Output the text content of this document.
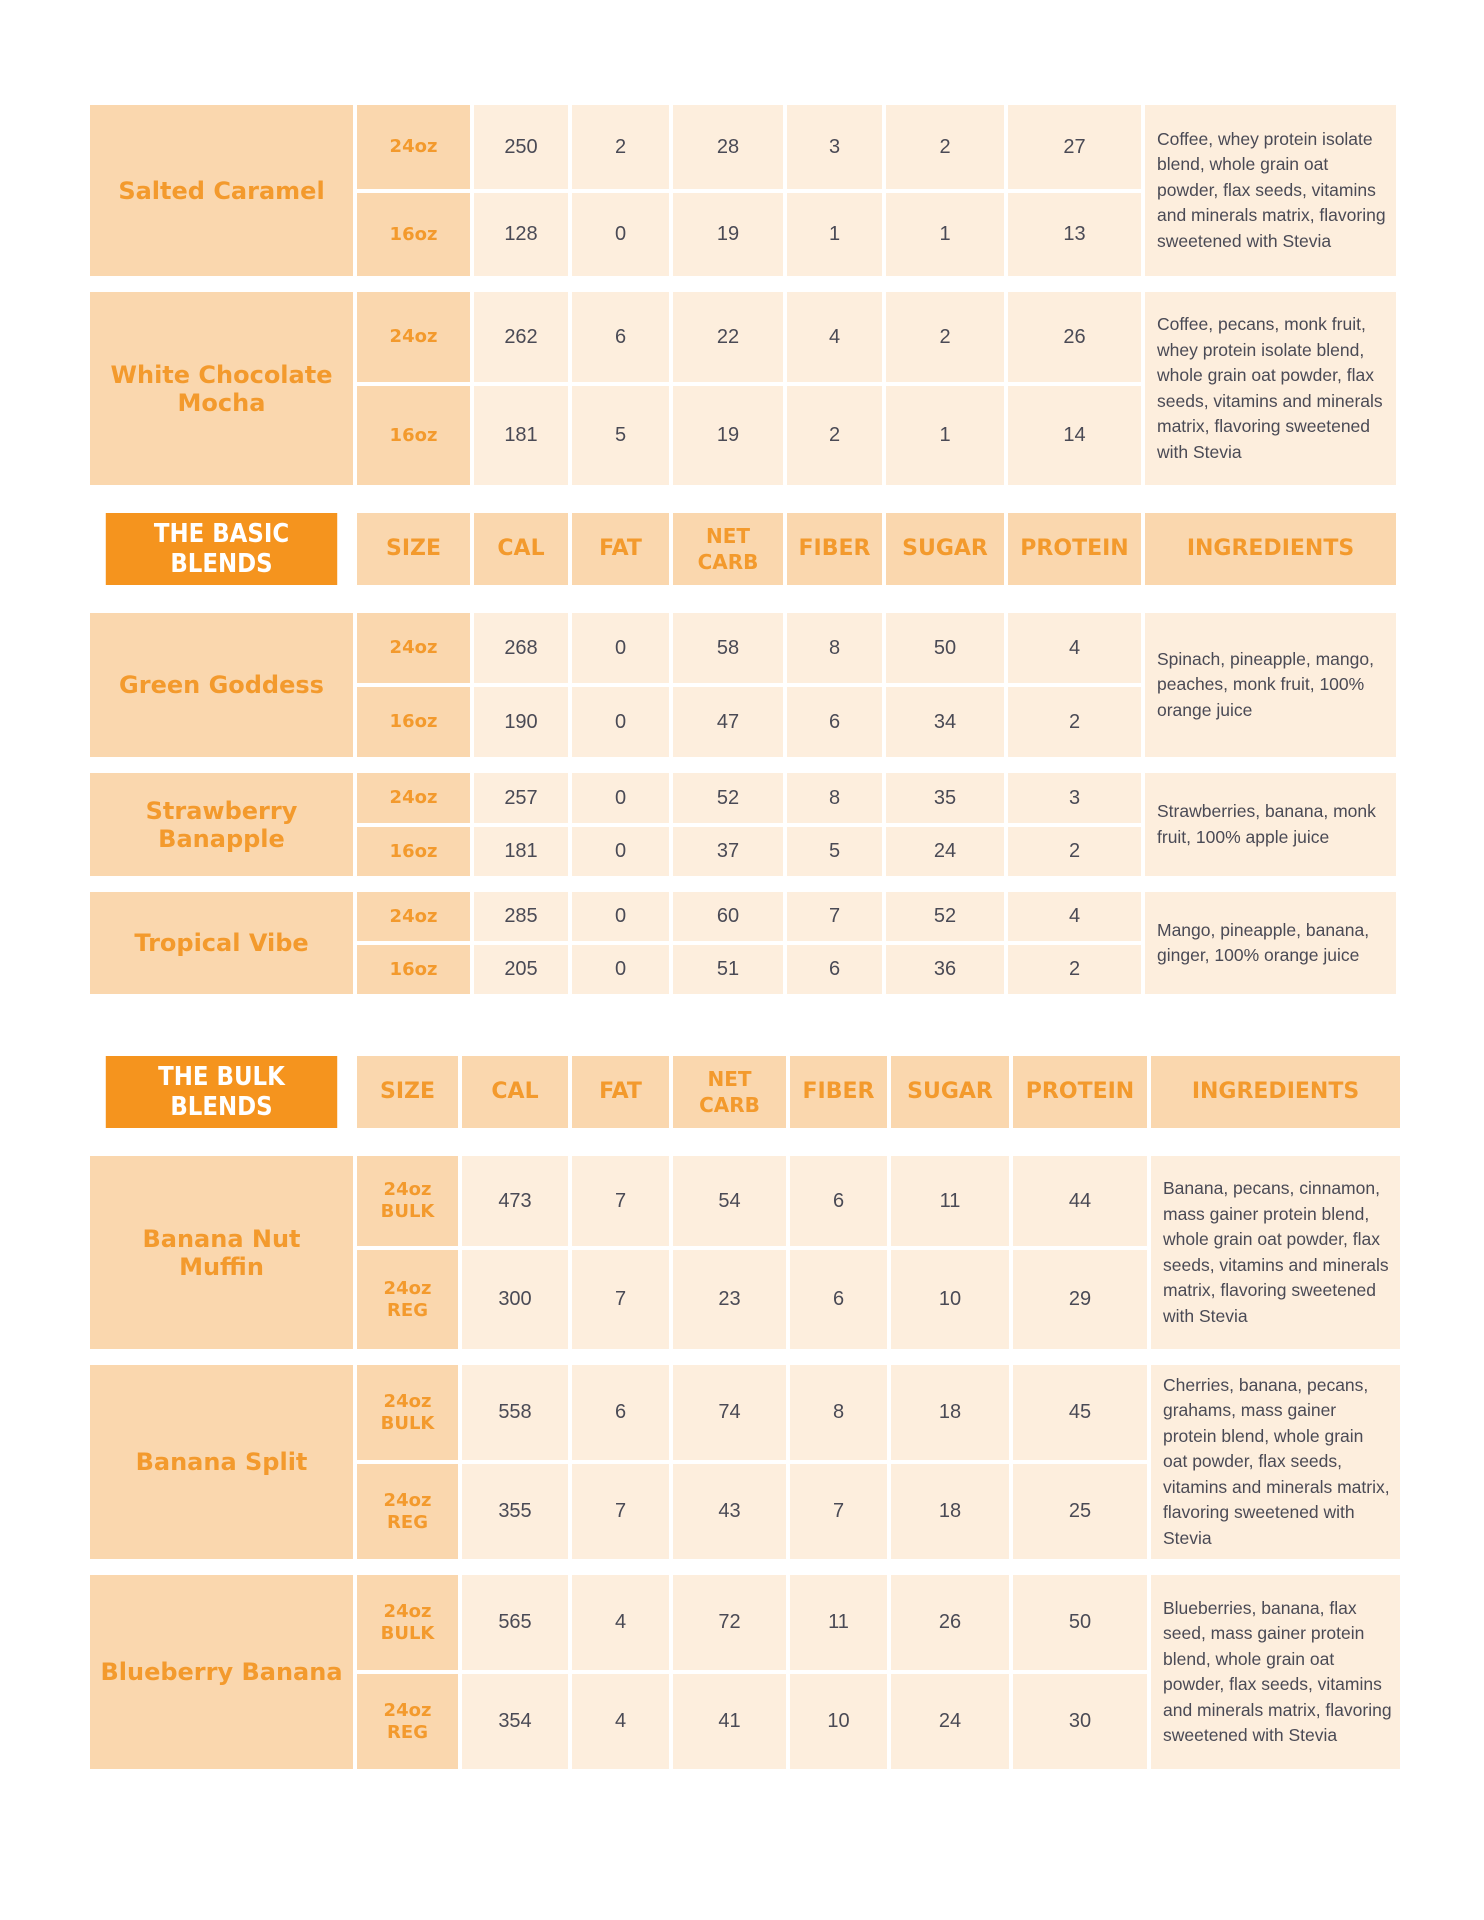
Salted Caramel	24oz	250	2	28	3	2	27	Coffee, whey protein isolate blend, whole grain oat powder, flax seeds, vitamins and minerals matrix, flavoring sweetened with Stevia
	16oz	128	0	19	1	1	13	

White Chocolate Mocha	24oz	262	6	22	4	2	26	Coffee, pecans, monk fruit, whey protein isolate blend, whole grain oat powder, flax seeds, vitamins and minerals matrix, flavoring sweetened with Stevia
	16oz	181	5	19	2	1	14	

THE BASIC BLENDS	SIZE	CAL	FAT	NET
CARB	FIBER	SUGAR	PROTEIN	INGREDIENTS

Green Goddess	24oz	268	0	58	8	50	4	Spinach, pineapple, mango, peaches, monk fruit, 100% orange juice
	16oz	190	0	47	6	34	2	

Strawberry Banapple	24oz	257	0	52	8	35	3	Strawberries, banana, monk fruit, 100% apple juice
	16oz	181	0	37	5	24	2	

Tropical Vibe	24oz	285	0	60	7	52	4	Mango, pineapple, banana, ginger, 100% orange juice
	16oz	205	0	51	6	36	2	
THE BULK BLENDS	SIZE	CAL	FAT	NET
CARB	FIBER	SUGAR	PROTEIN	INGREDIENTS

Banana Nut Muffin	24oz
BULK	473	7	54	6	11	44	Banana, pecans, cinnamon, mass gainer protein blend, whole grain oat powder, flax seeds, vitamins and minerals matrix, flavoring sweetened with Stevia

	24oz
REG	300	7	23	6	10	29	

Banana Split	24oz
BULK	558	6	74	8	18	45	Cherries, banana, pecans, grahams, mass gainer protein blend, whole grain oat powder, flax seeds, vitamins and minerals matrix, flavoring sweetened with Stevia

	24oz
REG	355	7	43	7	18	25	

Blueberry Banana	24oz
BULK	565	4	72	11	26	50	Blueberries, banana, flax seed, mass gainer protein blend, whole grain oat powder, flax seeds, vitamins and minerals matrix, flavoring sweetened with Stevia

	24oz
REG	354	4	41	10	24	30	
